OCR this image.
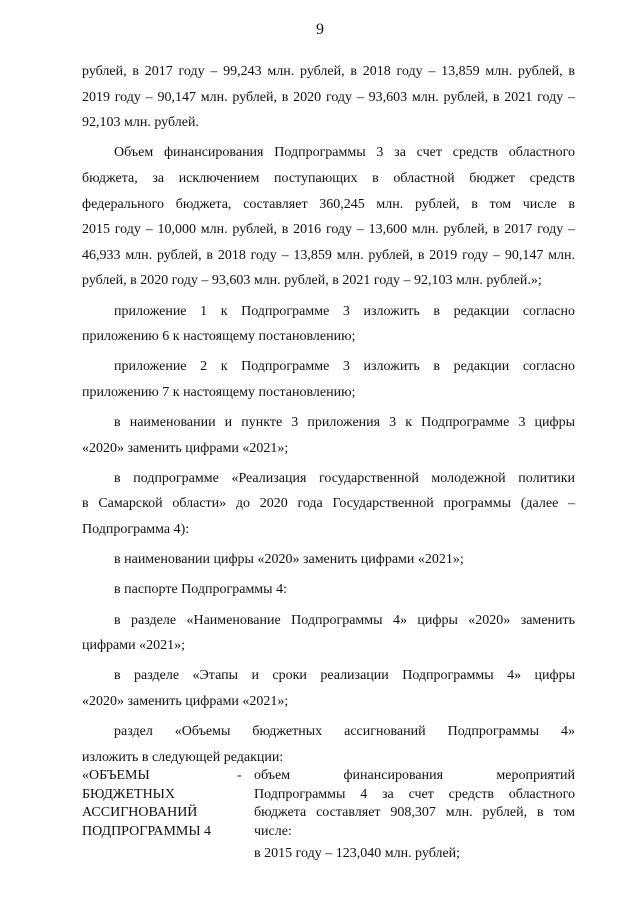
9
рублей, в 2017 году – 99,243 млн. рублей, в 2018 году – 13,859 млн. рублей, в
2019 году – 90,147 млн. рублей, в 2020 году – 93,603 млн. рублей, в 2021 году –
92,103 млн. рублей.
Объем финансирования Подпрограммы 3 за счет средств областного
бюджета, за исключением поступающих в областной бюджет средств
федерального бюджета, составляет 360,245 млн. рублей, в том числе в
2015 году – 10,000 млн. рублей, в 2016 году – 13,600 млн. рублей, в 2017 году –
46,933 млн. рублей, в 2018 году – 13,859 млн. рублей, в 2019 году – 90,147 млн.
рублей, в 2020 году – 93,603 млн. рублей, в 2021 году – 92,103 млн. рублей.»;
приложение 1 к Подпрограмме 3 изложить в редакции согласно
приложению 6 к настоящему постановлению;
приложение 2 к Подпрограмме 3 изложить в редакции согласно
приложению 7 к настоящему постановлению;
в наименовании и пункте 3 приложения 3 к Подпрограмме 3 цифры
«2020» заменить цифрами «2021»;
в подпрограмме «Реализация государственной молодежной политики
в Самарской области» до 2020 года Государственной программы (далее –
Подпрограмма 4):
в наименовании цифры «2020» заменить цифрами «2021»;
в паспорте Подпрограммы 4:
в разделе «Наименование Подпрограммы 4» цифры «2020» заменить
цифрами «2021»;
в разделе «Этапы и сроки реализации Подпрограммы 4» цифры
«2020» заменить цифрами «2021»;
раздел «Объемы бюджетных ассигнований Подпрограммы 4»
изложить в следующей редакции:
«ОБЪЕМЫ
БЮДЖЕТНЫХ
АССИГНОВАНИЙ
ПОДПРОГРАММЫ 4
- объем финансирования мероприятий
Подпрограммы 4 за счет средств областного
бюджета составляет 908,307 млн. рублей, в том
числе:
в 2015 году – 123,040 млн. рублей;
